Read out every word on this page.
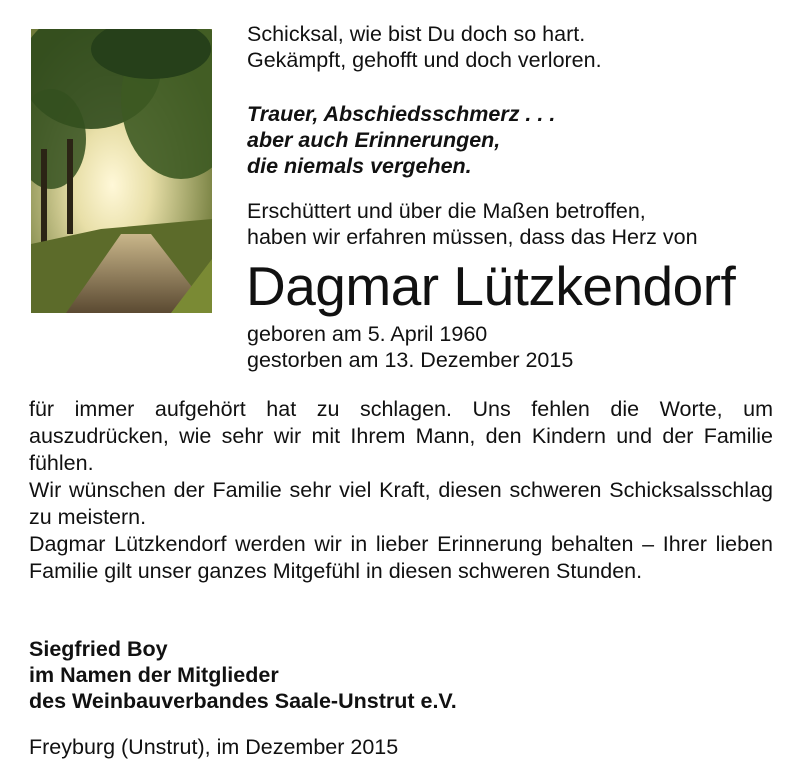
Schicksal, wie bist Du doch so hart.

Gekämpft, gehofft und doch verloren.

Trauer, Abschiedsschmerz . . .

aber auch Erinnerungen,

die niemals vergehen.

Erschüttert und über die Maßen betroffen,

haben wir erfahren müssen, dass das Herz von

Dagmar Lützkendorf

geboren am 5. April 1960

gestorben am 13. Dezember 2015

für immer aufgehört hat zu schlagen. Uns fehlen die Worte, um auszudrücken, wie sehr wir mit Ihrem Mann, den Kindern und der Familie fühlen.

Wir wünschen der Familie sehr viel Kraft, diesen schweren Schicksalsschlag zu meistern.

Dagmar Lützkendorf werden wir in lieber Erinnerung behalten – Ihrer lieben Familie gilt unser ganzes Mitgefühl in diesen schweren Stunden.

Siegfried Boy
im Namen der Mitglieder
des Weinbauverbandes Saale-Unstrut e.V.
Freyburg (Unstrut), im Dezember 2015
